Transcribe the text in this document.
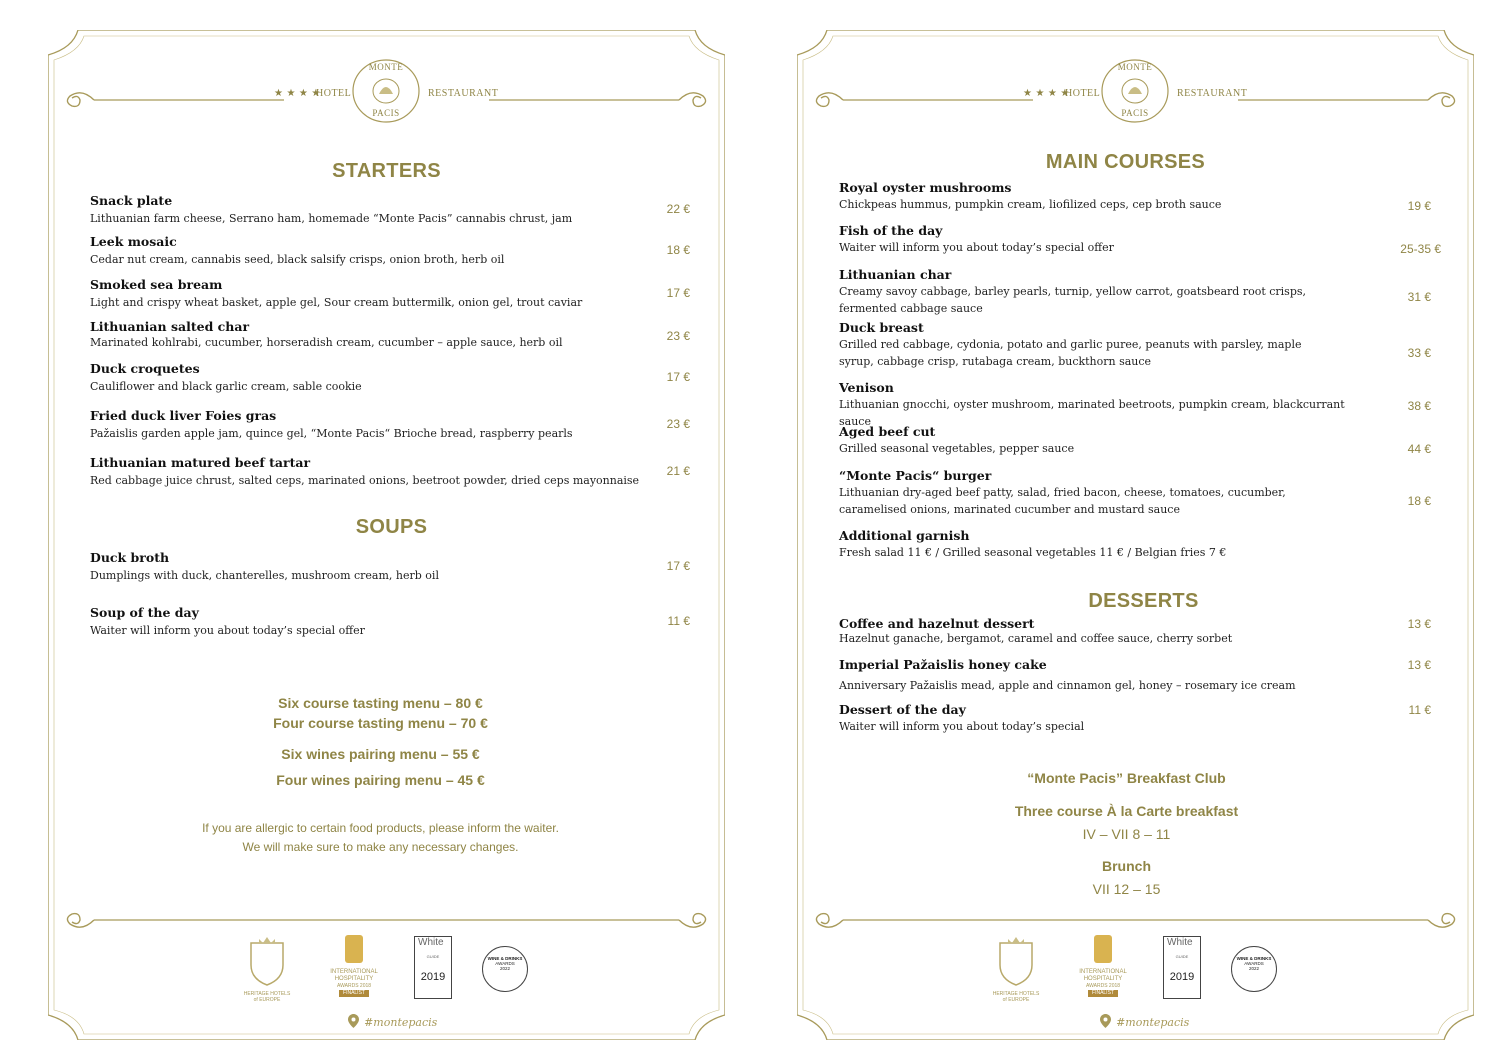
★ ★ ★ ★
HOTEL	RESTAURANT
MONTE
PACIS
STARTERS
Snack plate
Lithuanian farm cheese, Serrano ham, homemade “Monte Pacis” cannabis chrust, jam
22 €
Leek mosaic
Cedar nut cream, cannabis seed, black salsify crisps, onion broth, herb oil
18 €
Smoked sea bream
Light and crispy wheat basket, apple gel, Sour cream buttermilk, onion gel, trout caviar
17 €
Lithuanian salted char
Marinated kohlrabi, cucumber, horseradish cream, cucumber – apple sauce, herb oil	23 €
Duck croquetes
Cauliflower and black garlic cream, sable cookie
17 €
Fried duck liver Foies gras
Pažaislis garden apple jam, quince gel, “Monte Pacis“ Brioche bread, raspberry pearls
23 €
Lithuanian matured beef tartar
Red cabbage juice chrust, salted ceps, marinated onions, beetroot powder, dried ceps mayonnaise
21 €
SOUPS
Duck broth
Dumplings with duck, chanterelles, mushroom cream, herb oil
17 €
Soup of the day
Waiter will inform you about today’s special offer
11 €
Six course tasting menu – 80 €
Four course tasting menu – 70 €
Six wines pairing menu – 55 €
Four wines pairing menu – 45 €
If you are allergic to certain food products, please inform the waiter.
We will make sure to make any necessary changes.
HERITAGE HOTELS
of EUROPE
INTERNATIONAL
HOSPITALITY
AWARDS 2018
FINALIST
White
GUIDE
2019
WINE & DRINKS
AWARDS
2022
#montepacis
★ ★ ★ ★
HOTEL	RESTAURANT
MONTE
PACIS
MAIN COURSES
Royal oyster mushrooms
Chickpeas hummus, pumpkin cream, liofilized ceps, cep broth sauce	19 €
Fish of the day
Waiter will inform you about today’s special offer	25-35 €
Lithuanian char
Creamy savoy cabbage, barley pearls, turnip, yellow carrot, goatsbeard root crisps, fermented cabbage sauce
31 €
Duck breast
Grilled red cabbage, cydonia, potato and garlic puree, peanuts with parsley, maple syrup, cabbage crisp, rutabaga cream, buckthorn sauce
33 €
Venison
Lithuanian gnocchi, oyster mushroom, marinated beetroots, pumpkin cream, blackcurrant sauce
38 €
Aged beef cut
Grilled seasonal vegetables, pepper sauce	44 €
“Monte Pacis“ burger
Lithuanian dry-aged beef patty, salad, fried bacon, cheese, tomatoes, cucumber, caramelised onions, marinated cucumber and mustard sauce
18 €
Additional garnish
Fresh salad 11 € / Grilled seasonal vegetables 11 € / Belgian fries 7 €
DESSERTS
Coffee and hazelnut dessert
Hazelnut ganache, bergamot, caramel and coffee sauce, cherry sorbet
13 €
Imperial Pažaislis honey cake
Anniversary Pažaislis mead, apple and cinnamon gel, honey – rosemary ice cream
13 €
Dessert of the day
Waiter will inform you about today’s special
11 €
“Monte Pacis” Breakfast Club
Three course À la Carte breakfast
IV – VII 8 – 11
Brunch
VII 12 – 15
HERITAGE HOTELS
of EUROPE
INTERNATIONAL
HOSPITALITY
AWARDS 2018
FINALIST
White
GUIDE
2019
WINE & DRINKS
AWARDS
2022
#montepacis
